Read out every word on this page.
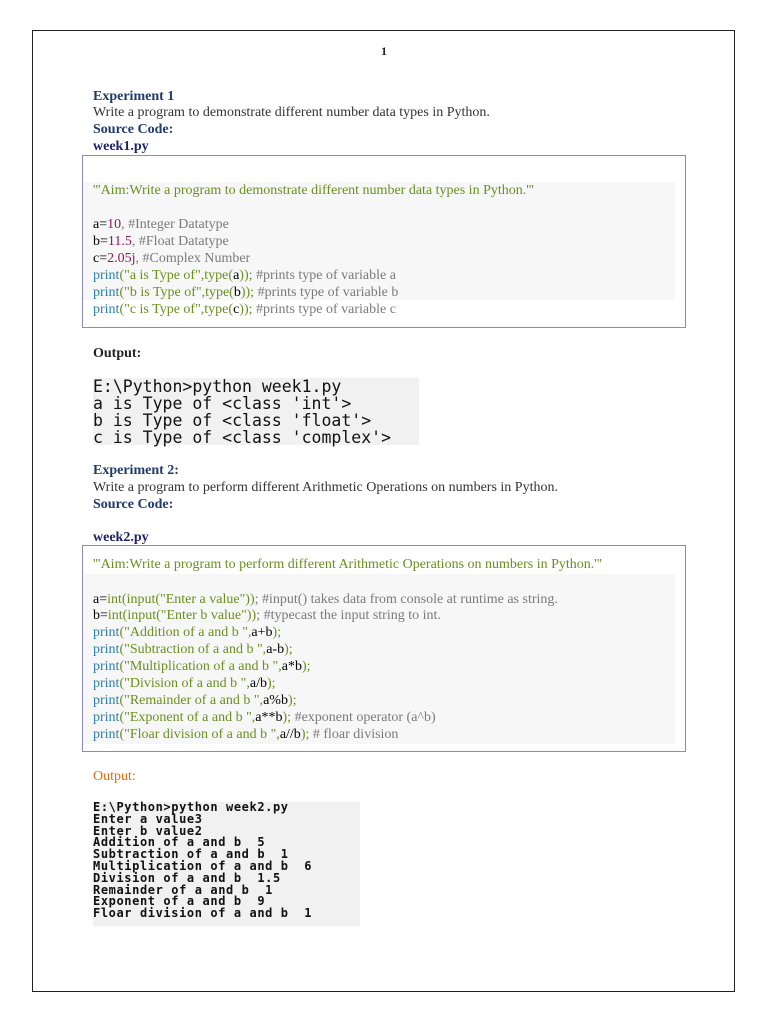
1
Experiment 1
Write a program to demonstrate different number data types in Python.
Source Code:
week1.py
'''Aim:Write a program to demonstrate different number data types in Python.'''
a=10, #Integer Datatype
b=11.5, #Float Datatype
c=2.05j, #Complex Number
print("a is Type of",type(a)); #prints type of variable a
print("b is Type of",type(b)); #prints type of variable b
print("c is Type of",type(c)); #prints type of variable c
Output:
E:\Python>python week1.py
a is Type of <class 'int'>
b is Type of <class 'float'>
c is Type of <class 'complex'>
Experiment 2:
Write a program to perform different Arithmetic Operations on numbers in Python.
Source Code:
week2.py
'''Aim:Write a program to perform different Arithmetic Operations on numbers in Python.'''
a=int(input("Enter a value")); #input() takes data from console at runtime as string.
b=int(input("Enter b value")); #typecast the input string to int.
print("Addition of a and b ",a+b);
print("Subtraction of a and b ",a-b);
print("Multiplication of a and b ",a*b);
print("Division of a and b ",a/b);
print("Remainder of a and b ",a%b);
print("Exponent of a and b ",a**b); #exponent operator (a^b)
print("Floar division of a and b ",a//b); # floar division
Output:
E:\Python>python week2.py
Enter a value3
Enter b value2
Addition of a and b  5
Subtraction of a and b  1
Multiplication of a and b  6
Division of a and b  1.5
Remainder of a and b  1
Exponent of a and b  9
Floar division of a and b  1
